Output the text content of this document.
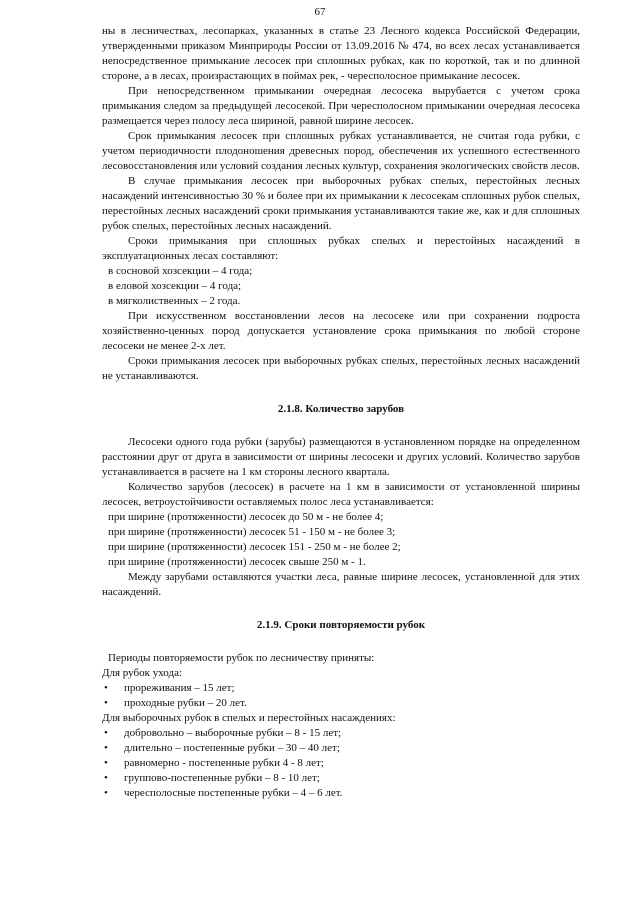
67

ны в лесничествах, лесопарках, указанных в статье 23 Лесного кодекса Российской Федерации, утвержденными приказом Минприроды России от 13.09.2016 № 474, во всех лесах устанавливается непосредственное примыкание лесосек при сплошных рубках, как по короткой, так и по длинной стороне, а в лесах, произрастающих в поймах рек, - чересполосное примыкание лесосек.

При непосредственном примыкании очередная лесосека вырубается с учетом срока примыкания следом за предыдущей лесосекой. При чересполосном примыкании очередная лесосека размещается через полосу леса шириной, равной ширине лесосек.

Срок примыкания лесосек при сплошных рубках устанавливается, не считая года рубки, с учетом периодичности плодоношения древесных пород, обеспечения их успешного естественного лесовосстановления или условий создания лесных культур, сохранения экологических свойств лесов.

В случае примыкания лесосек при выборочных рубках спелых, перестойных лесных насаждений интенсивностью 30 % и более при их примыкании к лесосекам сплошных рубок спелых, перестойных лесных насаждений сроки примыкания устанавливаются такие же, как и для сплошных рубок спелых, перестойных лесных насаждений.

Сроки примыкания при сплошных рубках спелых и перестойных насаждений в эксплуатационных лесах составляют:

в сосновой хозсекции – 4 года;

в еловой хозсекции – 4 года;

в мягколиственных – 2 года.

При искусственном восстановлении лесов на лесосеке или при сохранении подроста хозяйственно-ценных пород допускается установление срока примыкания по любой стороне лесосеки не менее 2-х лет.

Сроки примыкания лесосек при выборочных рубках спелых, перестойных лесных насаждений не устанавливаются.

2.1.8. Количество зарубов

Лесосеки одного года рубки (зарубы) размещаются в установленном порядке на определенном расстоянии друг от друга в зависимости от ширины лесосеки и других условий. Количество зарубов устанавливается в расчете на 1 км стороны лесного квартала.

Количество зарубов (лесосек) в расчете на 1 км в зависимости от установленной ширины лесосек, ветроустойчивости оставляемых полос леса устанавливается:

при ширине (протяженности) лесосек до 50 м - не более 4;

при ширине (протяженности) лесосек 51 - 150 м - не более 3;

при ширине (протяженности) лесосек 151 - 250 м - не более 2;

при ширине (протяженности) лесосек свыше 250 м - 1.

Между зарубами оставляются участки леса, равные ширине лесосек, установленной для этих насаждений.

2.1.9. Сроки повторяемости рубок

Периоды повторяемости рубок по лесничеству приняты:

Для рубок ухода:

• прореживания – 15 лет;
• проходные рубки – 20 лет.

Для выборочных рубок в спелых и перестойных насаждениях:

• добровольно – выборочные рубки – 8 - 15 лет;
• длительно – постепенные рубки – 30 – 40 лет;
• равномерно - постепенные рубки 4 - 8 лет;
• группово-постепенные рубки – 8 - 10 лет;
• чересполосные постепенные рубки – 4 – 6 лет.
